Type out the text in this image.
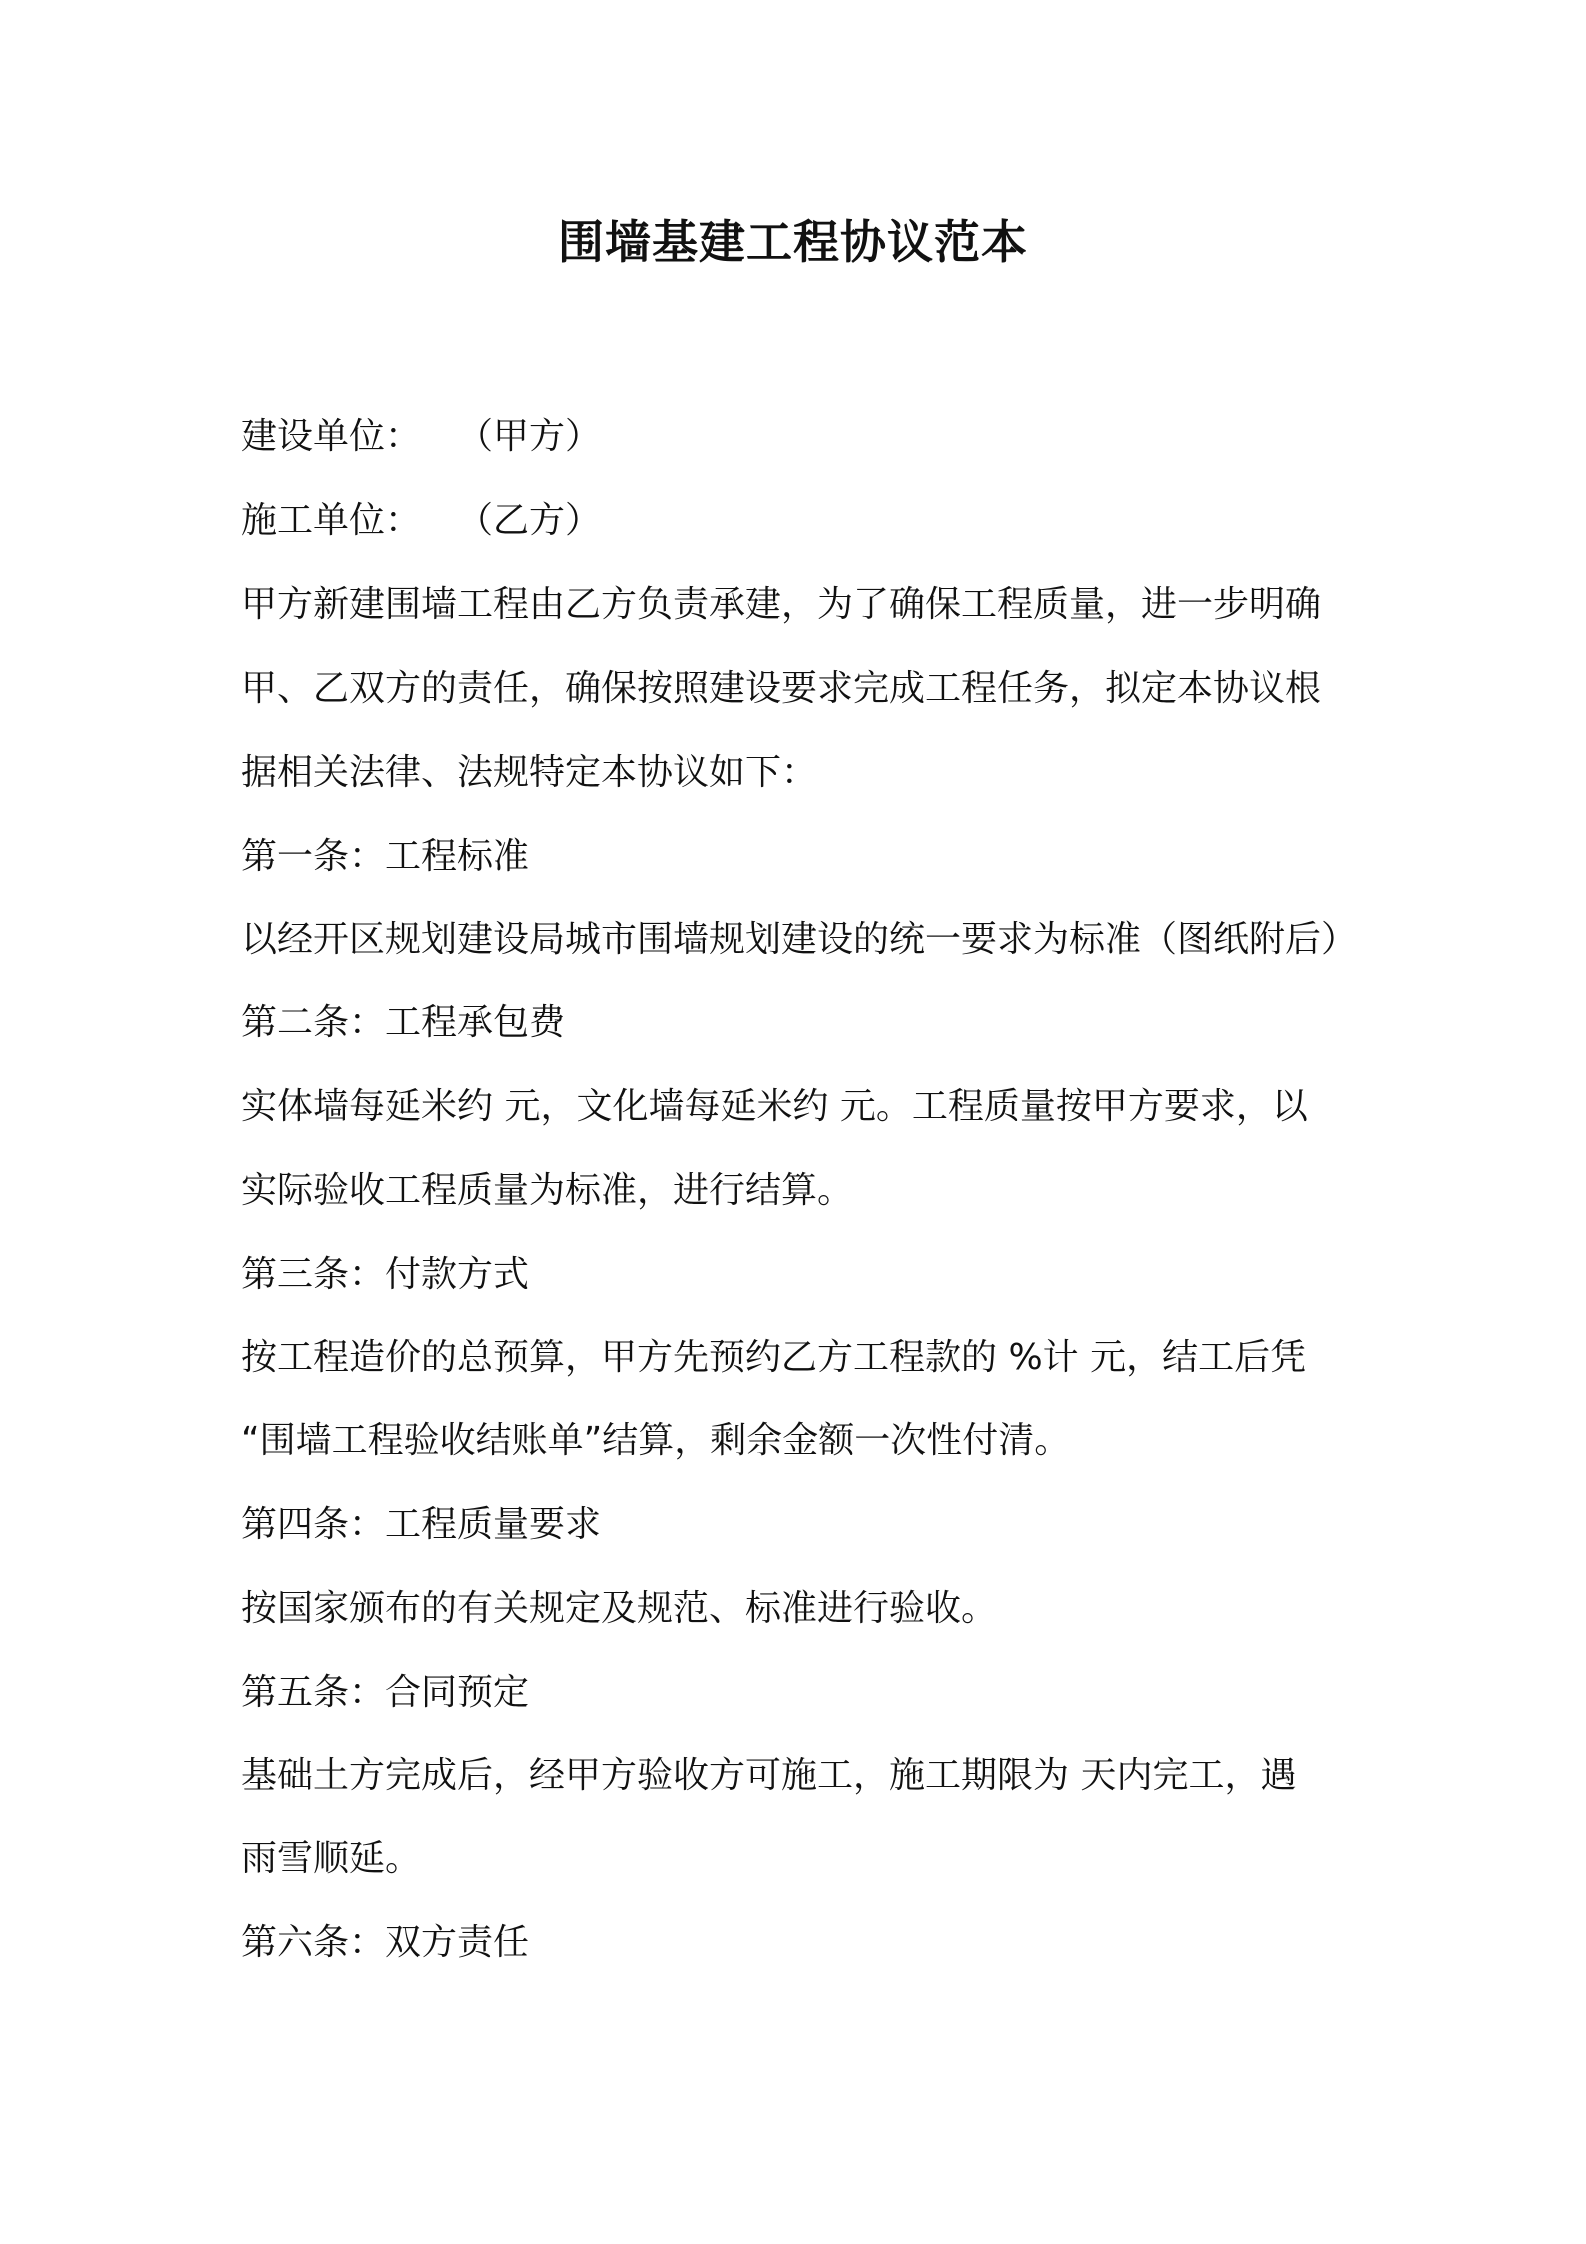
围墙基建工程协议范本
建设单位： （甲方）
施工单位： （乙方）
甲方新建围墙工程由乙方负责承建，为了确保工程质量，进一步明确
甲、乙双方的责任，确保按照建设要求完成工程任务，拟定本协议根
据相关法律、法规特定本协议如下：
第一条：工程标准
以经开区规划建设局城市围墙规划建设的统一要求为标准（图纸附后）
第二条：工程承包费
实体墙每延米约 元，文化墙每延米约 元。工程质量按甲方要求，以
实际验收工程质量为标准，进行结算。
第三条：付款方式
按工程造价的总预算，甲方先预约乙方工程款的 %计 元，结工后凭
“围墙工程验收结账单”结算，剩余金额一次性付清。
第四条：工程质量要求
按国家颁布的有关规定及规范、标准进行验收。
第五条：合同预定
基础土方完成后，经甲方验收方可施工，施工期限为 天内完工，遇
雨雪顺延。
第六条：双方责任
